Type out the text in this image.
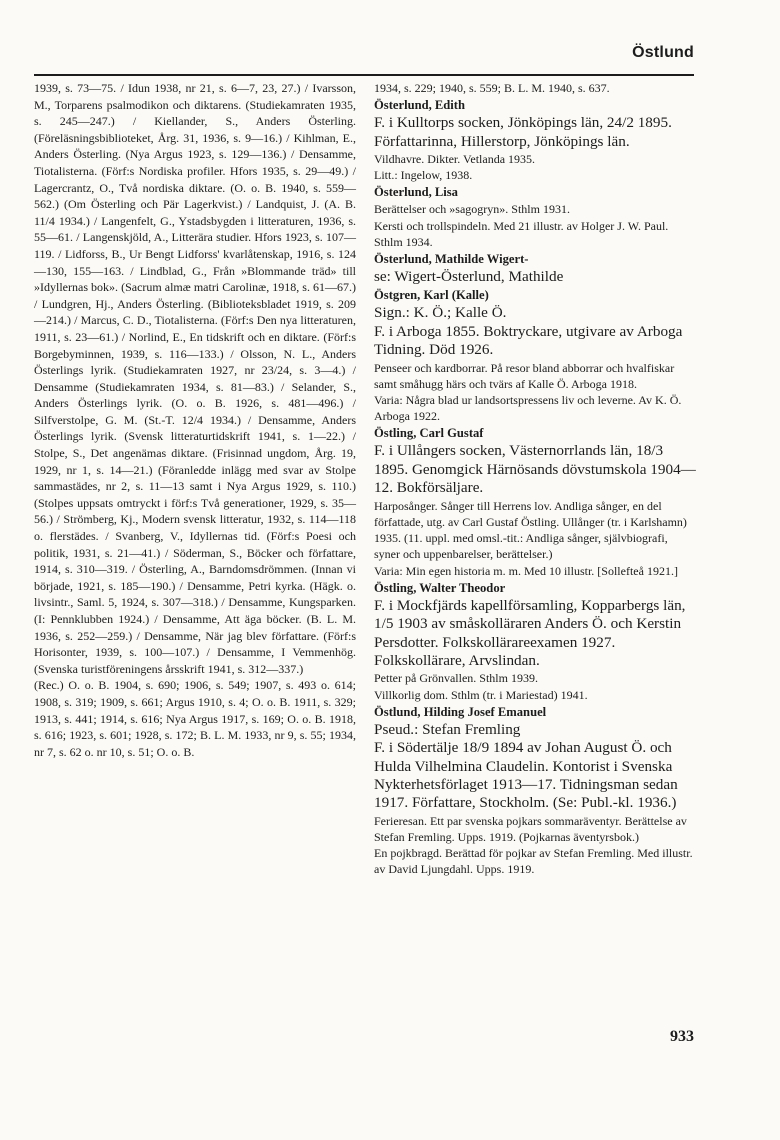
Östlund

1939, s. 73—75. / Idun 1938, nr 21, s. 6—7, 23, 27.) / Ivarsson, M., Torparens psalmodikon och diktarens. (Studiekamraten 1935, s. 245—247.) / Kiellander, S., Anders Österling. (Föreläsningsbiblioteket, Årg. 31, 1936, s. 9—16.) / Kihlman, E., Anders Österling. (Nya Argus 1923, s. 129—136.) / Densamme, Tiotalisterna. (Förf:s Nordiska profiler. Hfors 1935, s. 29—49.) / Lagercrantz, O., Två nordiska diktare. (O. o. B. 1940, s. 559—562.) (Om Österling och Pär Lagerkvist.) / Landquist, J. (A. B. 11/4 1934.) / Langenfelt, G., Ystadsbygden i litteraturen, 1936, s. 55—61. / Langenskjöld, A., Litterära studier. Hfors 1923, s. 107—119. / Lidforss, B., Ur Bengt Lidforss' kvarlåtenskap, 1916, s. 124—130, 155—163. / Lindblad, G., Från »Blommande träd» till »Idyllernas bok». (Sacrum almæ matri Carolinæ, 1918, s. 61—67.) / Lundgren, Hj., Anders Österling. (Biblioteksbladet 1919, s. 209—214.) / Marcus, C. D., Tiotalisterna. (Förf:s Den nya litteraturen, 1911, s. 23—61.) / Norlind, E., En tidskrift och en diktare. (Förf:s Borgebyminnen, 1939, s. 116—133.) / Olsson, N. L., Anders Österlings lyrik. (Studiekamraten 1927, nr 23/24, s. 3—4.) / Densamme (Studiekamraten 1934, s. 81—83.) / Selander, S., Anders Österlings lyrik. (O. o. B. 1926, s. 481—496.) / Silfverstolpe, G. M. (St.-T. 12/4 1934.) / Densamme, Anders Österlings lyrik. (Svensk litteraturtidskrift 1941, s. 1—22.) / Stolpe, S., Det angenämas diktare. (Frisinnad ungdom, Årg. 19, 1929, nr 1, s. 14—21.) (Föranledde inlägg med svar av Stolpe sammastädes, nr 2, s. 11—13 samt i Nya Argus 1929, s. 110.) (Stolpes uppsats omtryckt i förf:s Två generationer, 1929, s. 35—56.) / Strömberg, Kj., Modern svensk litteratur, 1932, s. 114—118 o. flerstädes. / Svanberg, V., Idyllernas tid. (Förf:s Poesi och politik, 1931, s. 21—41.) / Söderman, S., Böcker och författare, 1914, s. 310—319. / Österling, A., Barndomsdrömmen. (Innan vi började, 1921, s. 185—190.) / Densamme, Petri kyrka. (Hägk. o. livsintr., Saml. 5, 1924, s. 307—318.) / Densamme, Kungsparken. (I: Pennklubben 1924.) / Densamme, Att äga böcker. (B. L. M. 1936, s. 252—259.) / Densamme, När jag blev författare. (Förf:s Horisonter, 1939, s. 100—107.) / Densamme, I Vemmenhög. (Svenska turistföreningens årsskrift 1941, s. 312—337.)

(Rec.) O. o. B. 1904, s. 690; 1906, s. 549; 1907, s. 493 o. 614; 1908, s. 319; 1909, s. 661; Argus 1910, s. 4; O. o. B. 1911, s. 329; 1913, s. 441; 1914, s. 616; Nya Argus 1917, s. 169; O. o. B. 1918, s. 616; 1923, s. 601; 1928, s. 172; B. L. M. 1933, nr 9, s. 55; 1934, nr 7, s. 62 o. nr 10, s. 51; O. o. B.

1934, s. 229; 1940, s. 559; B. L. M. 1940, s. 637.

Österlund, Edith

F. i Kulltorps socken, Jönköpings län, 24/2 1895. Författarinna, Hillerstorp, Jönköpings län.

Vildhavre. Dikter. Vetlanda 1935.

Litt.: Ingelow, 1938.

Österlund, Lisa

Berättelser och »sagogryn». Sthlm 1931.

Kersti och trollspindeln. Med 21 illustr. av Holger J. W. Paul. Sthlm 1934.

Österlund, Mathilde Wigert-

se: Wigert-Österlund, Mathilde

Östgren, Karl (Kalle)

Sign.: K. Ö.; Kalle Ö.

F. i Arboga 1855. Boktryckare, utgivare av Arboga Tidning. Död 1926.

Penseer och kardborrar. På resor bland abborrar och hvalfiskar samt småhugg härs och tvärs af Kalle Ö. Arboga 1918.

Varia: Några blad ur landsortspressens liv och leverne. Av K. Ö. Arboga 1922.

Östling, Carl Gustaf

F. i Ullångers socken, Västernorrlands län, 18/3 1895. Genomgick Härnösands dövstumskola 1904—12. Bokförsäljare.

Harposånger. Sånger till Herrens lov. Andliga sånger, en del författade, utg. av Carl Gustaf Östling. Ullånger (tr. i Karlshamn) 1935. (11. uppl. med omsl.-tit.: Andliga sånger, självbiografi, syner och uppenbarelser, berättelser.)

Varia: Min egen historia m. m. Med 10 illustr. [Sollefteå 1921.]

Östling, Walter Theodor

F. i Mockfjärds kapellförsamling, Kopparbergs län, 1/5 1903 av småskolläraren Anders Ö. och Kerstin Persdotter. Folkskollärareexamen 1927. Folkskollärare, Arvslindan.

Petter på Grönvallen. Sthlm 1939.

Villkorlig dom. Sthlm (tr. i Mariestad) 1941.

Östlund, Hilding Josef Emanuel

Pseud.: Stefan Fremling

F. i Södertälje 18/9 1894 av Johan August Ö. och Hulda Vilhelmina Claudelin. Kontorist i Svenska Nykterhetsförlaget 1913—17. Tidningsman sedan 1917. Författare, Stockholm. (Se: Publ.-kl. 1936.)

Ferieresan. Ett par svenska pojkars sommaräventyr. Berättelse av Stefan Fremling. Upps. 1919. (Pojkarnas äventyrsbok.)

En pojkbragd. Berättad för pojkar av Stefan Fremling. Med illustr. av David Ljungdahl. Upps. 1919.

933
